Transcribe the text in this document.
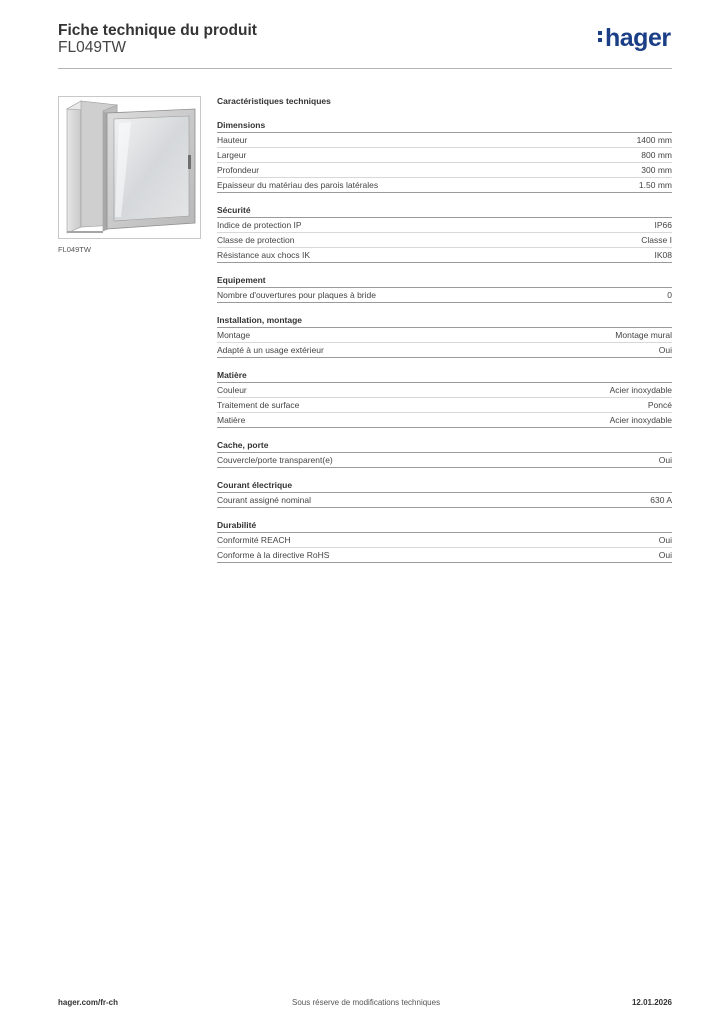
Fiche technique du produit
FL049TW	hager
FL049TW
Caractéristiques techniques
Dimensions
Hauteur	1400 mm
Largeur	800 mm
Profondeur	300 mm
Epaisseur du matériau des parois latérales	1.50 mm
Sécurité
Indice de protection IP	IP66
Classe de protection	Classe I
Résistance aux chocs IK	IK08
Equipement
Nombre d'ouvertures pour plaques à bride	0
Installation, montage
Montage	Montage mural
Adapté à un usage extérieur	Oui
Matière
Couleur	Acier inoxydable
Traitement de surface	Poncé
Matière	Acier inoxydable
Cache, porte
Couvercle/porte transparent(e)	Oui
Courant électrique
Courant assigné nominal	630 A
Durabilité
Conformité REACH	Oui
Conforme à la directive RoHS	Oui
hager.com/fr-ch	Sous réserve de modifications techniques	12.01.2026
